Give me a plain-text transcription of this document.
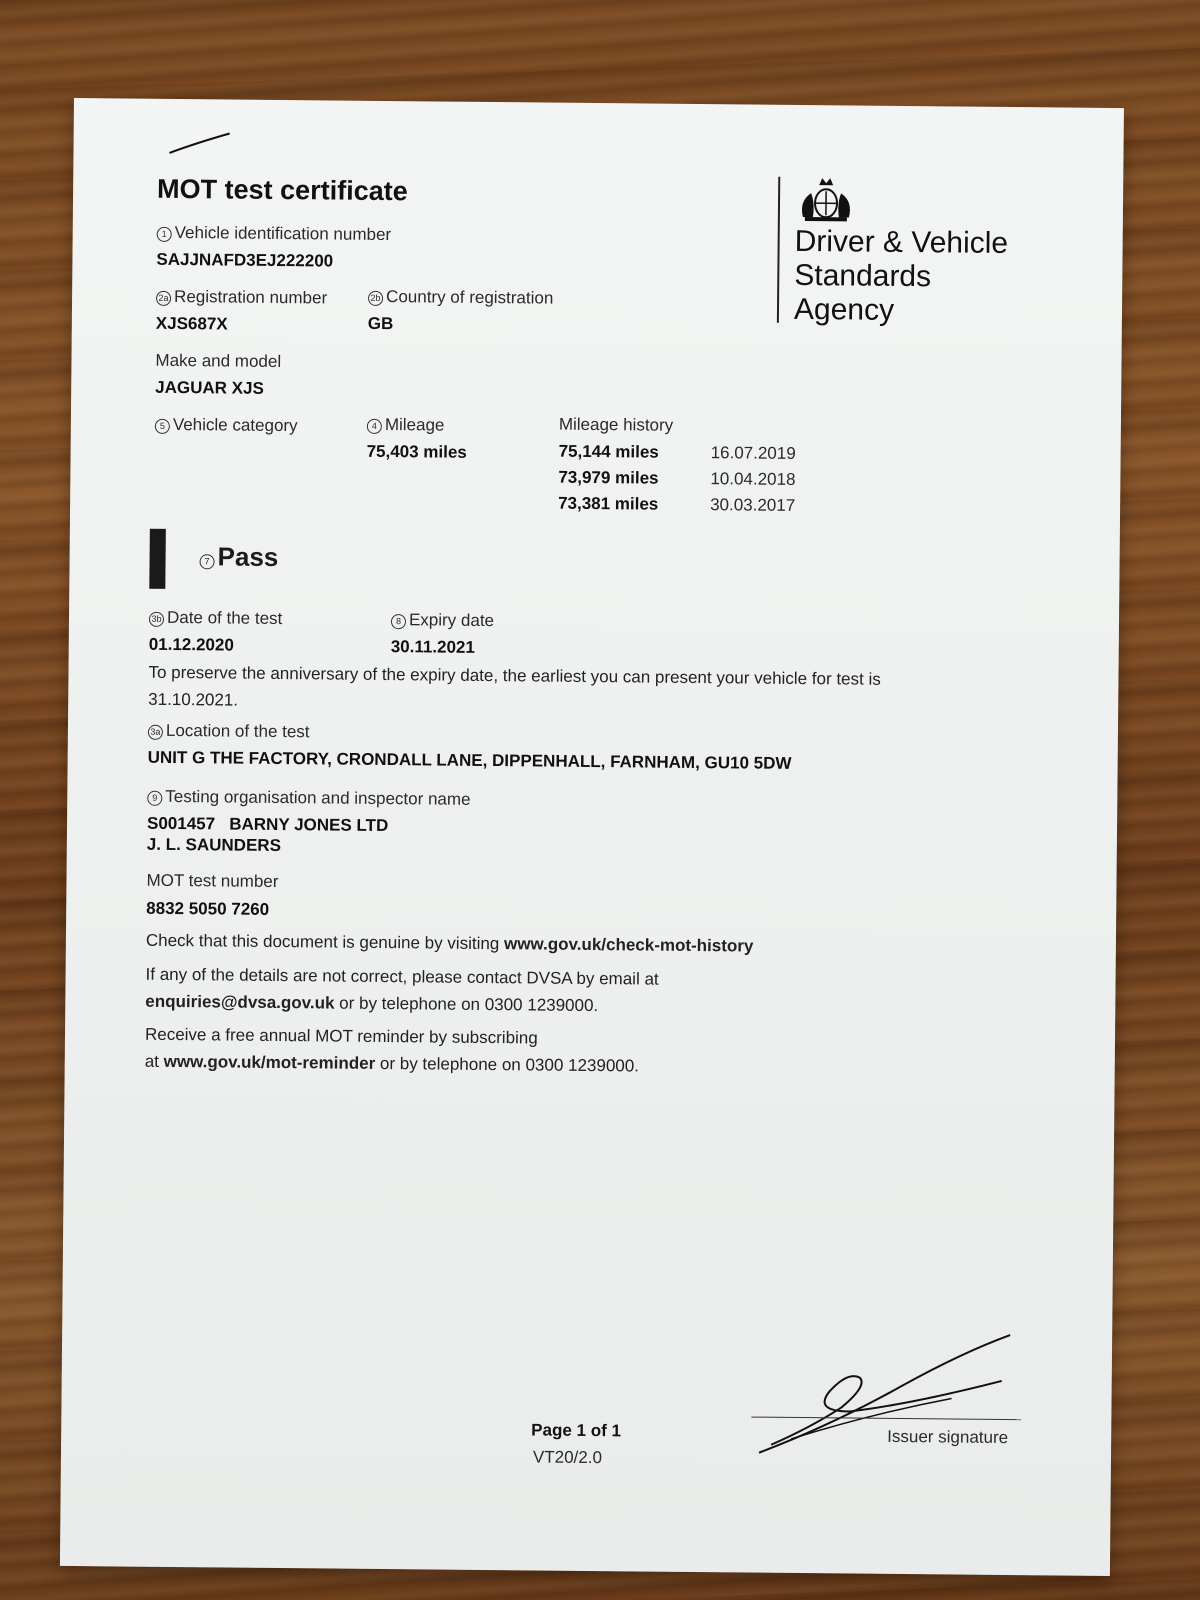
MOT test certificate
Driver & Vehicle
Standards
Agency
1 Vehicle identification number
SAJJNAFD3EJ222200
2a Registration number
XJS687X
2b Country of registration
GB
Make and model
JAGUAR XJS
5 Vehicle category	4 Mileage
75,403 miles
Mileage history
75,144 miles	16.07.2019
73,979 miles	10.04.2018
73,381 miles	30.03.2017
7 Pass
3b Date of the test
01.12.2020
8 Expiry date
30.11.2021
To preserve the anniversary of the expiry date, the earliest you can present your vehicle for test is
31.10.2021.
3a Location of the test
UNIT G THE FACTORY, CRONDALL LANE, DIPPENHALL, FARNHAM, GU10 5DW
9 Testing organisation and inspector name
S001457   BARNY JONES LTD
J. L. SAUNDERS
MOT test number
8832 5050 7260
Check that this document is genuine by visiting www.gov.uk/check-mot-history
If any of the details are not correct, please contact DVSA by email at
enquiries@dvsa.gov.uk or by telephone on 0300 1239000.
Receive a free annual MOT reminder by subscribing
at www.gov.uk/mot-reminder or by telephone on 0300 1239000.
Page 1 of 1
VT20/2.0
Issuer signature
